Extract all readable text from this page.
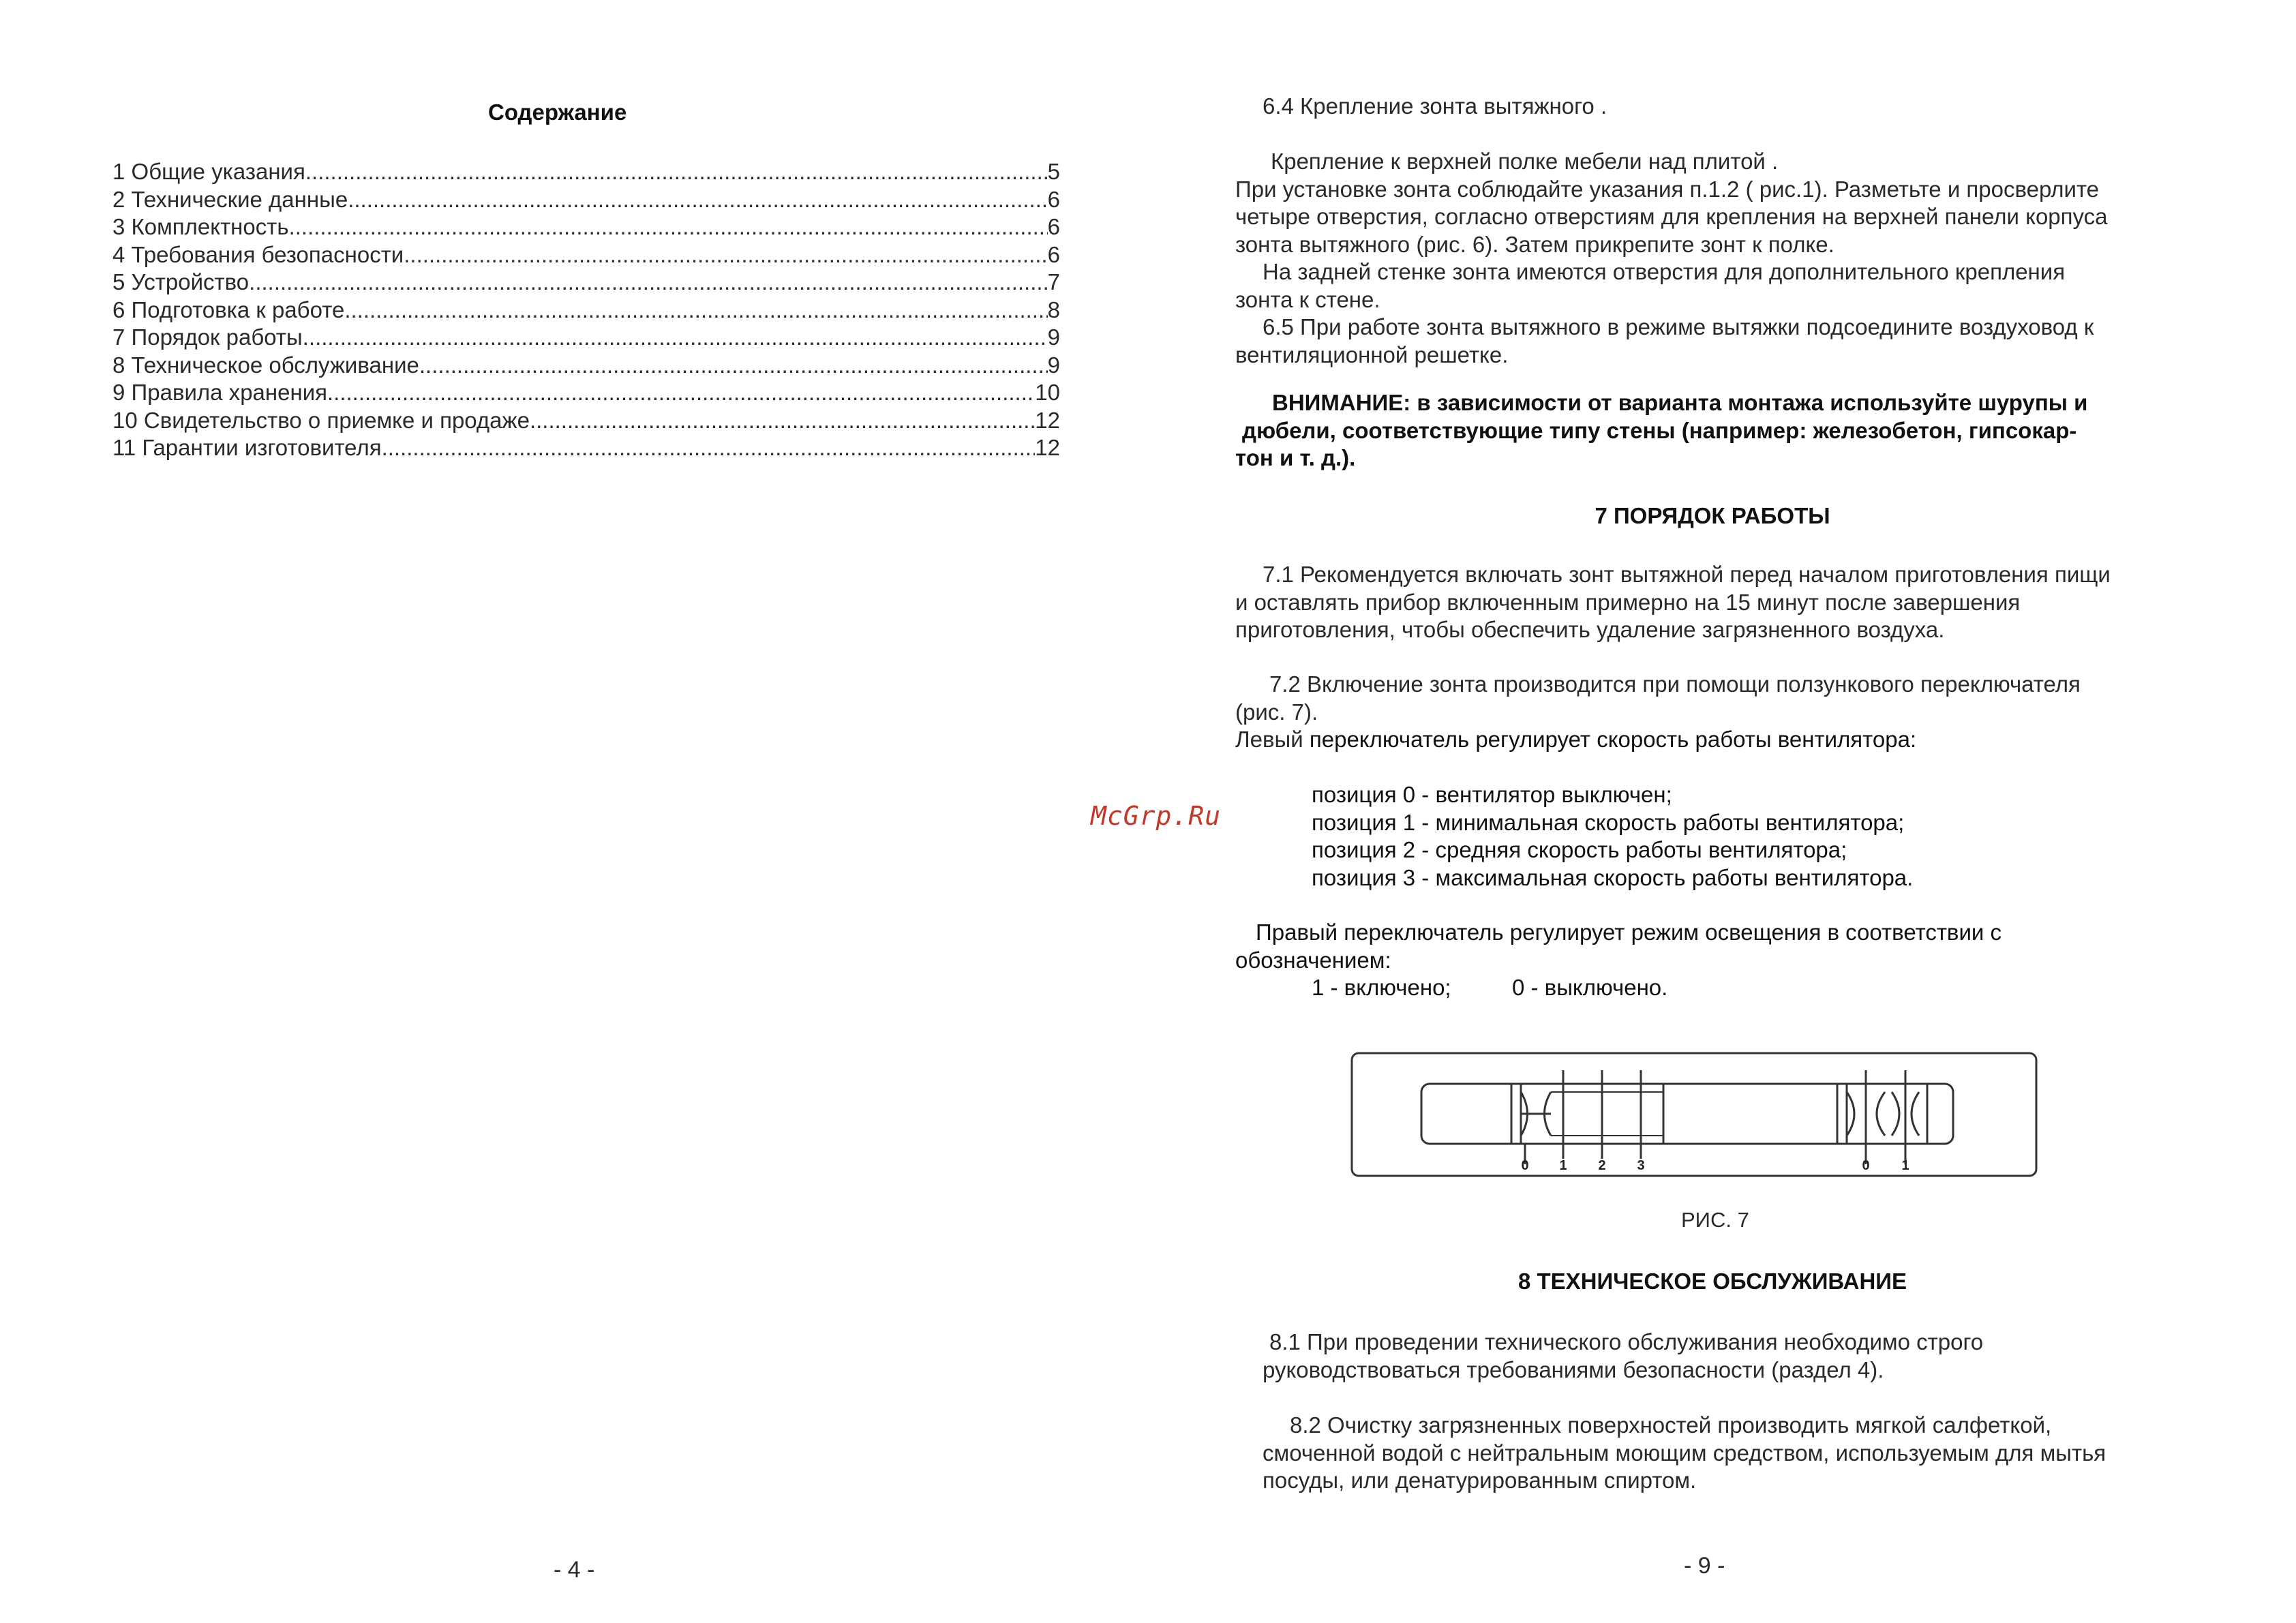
Содержание
1 Общие указания .....	5
2 Технические данные .....	6
3 Комплектность .....	6
4 Требования безопасности .....	6
5 Устройство .....	7
6 Подготовка к работе .....	8
7 Порядок работы .....	9
8 Техническое обслуживание .....	9
9 Правила хранения .....	10
10 Свидетельство о приемке и продаже .....	12
11 Гарантии изготовителя .....	12
- 4 -
McGrp.Ru
6.4 Крепление зонта вытяжного .
Крепление к верхней полке мебели над плитой .
При установке зонта соблюдайте указания п.1.2 ( рис.1). Разметьте и просверлите
четыре отверстия, согласно отверстиям для крепления на верхней панели корпуса
зонта вытяжного (рис. 6). Затем прикрепите зонт к полке.
На задней стенке зонта имеются отверстия для дополнительного крепления
зонта к стене.
6.5 При работе зонта вытяжного в режиме вытяжки подсоедините воздуховод к
вентиляционной решетке.
ВНИМАНИЕ: в зависимости от варианта монтажа используйте шурупы и
дюбели, соответствующие типу стены (например: железобетон, гипсокар-
тон и т. д.).
7 ПОРЯДОК РАБОТЫ
7.1 Рекомендуется включать зонт вытяжной перед началом приготовления пищи
и оставлять прибор включенным примерно на 15 минут после завершения
приготовления, чтобы обеспечить удаление загрязненного воздуха.
7.2 Включение зонта производится при помощи ползункового переключателя
(рис. 7).
Левый переключатель регулирует скорость работы вентилятора:
позиция 0 - вентилятор выключен;
позиция 1 - минимальная скорость работы вентилятора;
позиция 2 - средняя скорость работы вентилятора;
позиция 3 - максимальная скорость работы вентилятора.
Правый переключатель регулирует режим освещения в соответствии с
обозначением:
1 - включено;	0 - выключено.
0 1 2 3	0 1
РИС. 7
8 ТЕХНИЧЕСКОЕ ОБСЛУЖИВАНИЕ
8.1 При проведении технического обслуживания необходимо строго
руководствоваться требованиями безопасности (раздел 4).
8.2 Очистку загрязненных поверхностей производить мягкой салфеткой,
смоченной водой с нейтральным моющим средством, используемым для мытья
посуды, или денатурированным спиртом.
- 9 -
